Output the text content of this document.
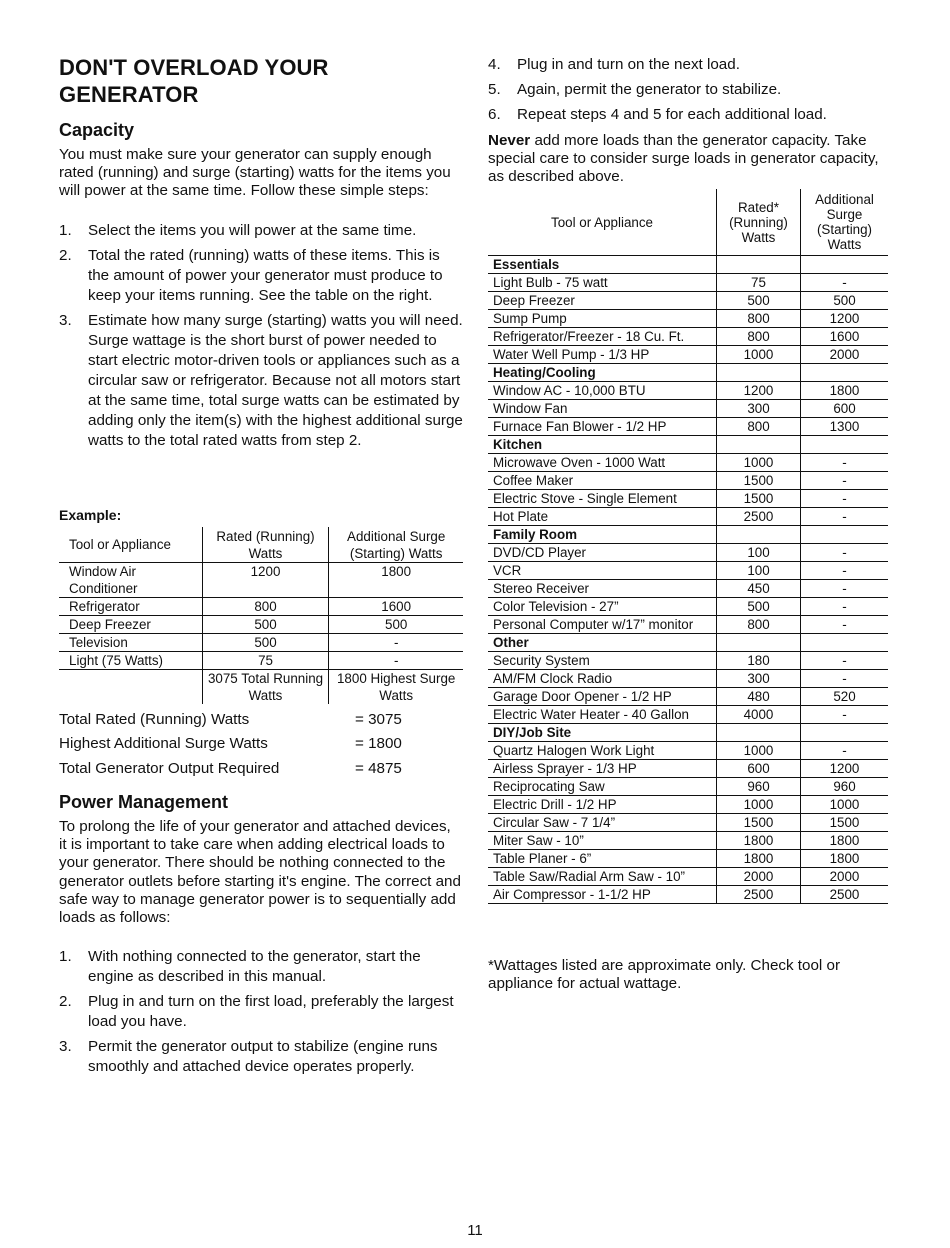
DON'T OVERLOAD YOUR GENERATOR
Capacity

You must make sure your generator can supply enough rated (running) and surge (starting) watts for the items you will power at the same time. Follow these simple steps:

1. Select the items you will power at the same time.
2. Total the rated (running) watts of these items. This is the amount of power your generator must produce to keep your items running. See the table on the right.
3. Estimate how many surge (starting) watts you will need. Surge wattage is the short burst of power needed to start electric motor-driven tools or appliances such as a circular saw or refrigerator. Because not all motors start at the same time, total surge watts can be estimated by adding only the item(s) with the highest additional surge watts to the total rated watts from step 2.

Example:

Tool or Appliance	Rated (Running) Watts	Additional Surge (Starting) Watts
Window Air Conditioner	1200	1800
Refrigerator	800	1600
Deep Freezer	500	500
Television	500	-
Light (75 Watts)	75	-
	3075 Total Running Watts	1800 Highest Surge Watts
Total Rated (Running) Watts	= 3075
Highest Additional Surge Watts	= 1800
Total Generator Output Required	= 4875
Power Management

To prolong the life of your generator and attached devices, it is important to take care when adding electrical loads to your generator. There should be nothing connected to the generator outlets before starting it's engine. The correct and safe way to manage generator power is to sequentially add loads as follows:

1. With nothing connected to the generator, start the engine as described in this manual.
2. Plug in and turn on the first load, preferably the largest load you have.
3. Permit the generator output to stabilize (engine runs smoothly and attached device operates properly.
4. Plug in and turn on the next load.
5. Again, permit the generator to stabilize.
6. Repeat steps 4 and 5 for each additional load.

Never add more loads than the generator capacity. Take special care to consider surge loads in generator capacity, as described above.

Tool or Appliance	Rated* (Running) Watts	Additional Surge (Starting) Watts
Essentials		
Light Bulb - 75 watt	75	-
Deep Freezer	500	500
Sump Pump	800	1200
Refrigerator/Freezer - 18 Cu. Ft.	800	1600
Water Well Pump - 1/3 HP	1000	2000
Heating/Cooling		
Window AC - 10,000 BTU	1200	1800
Window Fan	300	600
Furnace Fan Blower - 1/2 HP	800	1300
Kitchen		
Microwave Oven - 1000 Watt	1000	-
Coffee Maker	1500	-
Electric Stove - Single Element	1500	-
Hot Plate	2500	-
Family Room		
DVD/CD Player	100	-
VCR	100	-
Stereo Receiver	450	-
Color Television - 27”	500	-
Personal Computer w/17” monitor	800	-
Other		
Security System	180	-
AM/FM Clock Radio	300	-
Garage Door Opener - 1/2 HP	480	520
Electric Water Heater - 40 Gallon	4000	-
DIY/Job Site		
Quartz Halogen Work Light	1000	-
Airless Sprayer - 1/3 HP	600	1200
Reciprocating Saw	960	960
Electric Drill - 1/2 HP	1000	1000
Circular Saw - 7 1/4”	1500	1500
Miter Saw - 10”	1800	1800
Table Planer - 6”	1800	1800
Table Saw/Radial Arm Saw - 10”	2000	2000
Air Compressor - 1-1/2 HP	2500	2500

*Wattages listed are approximate only. Check tool or appliance for actual wattage.

11
